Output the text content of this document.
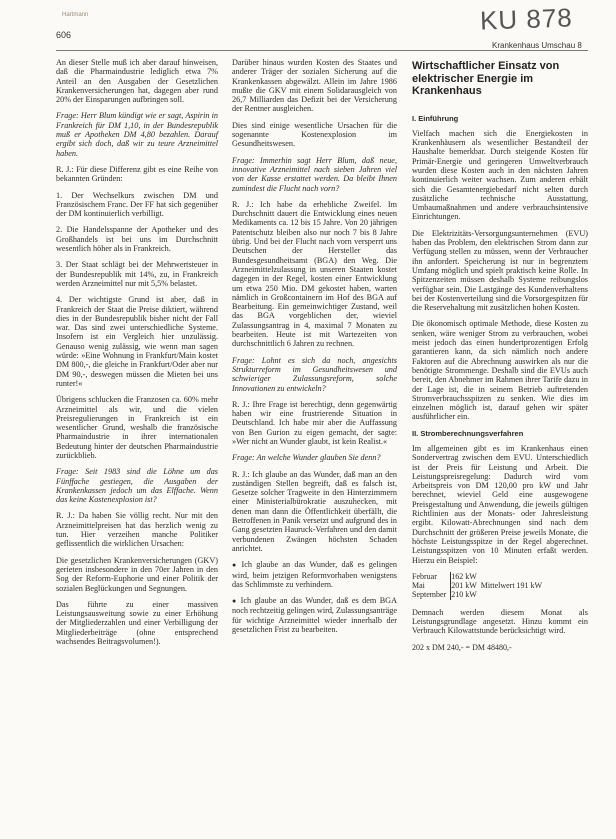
Hartmann
606	KU 878
Krankenhaus Umschau 8

An dieser Stelle muß ich aber darauf hinweisen, daß die Pharmaindustrie lediglich etwa 7% Anteil an den Ausgaben der Gesetzlichen Krankenversicherungen hat, dagegen aber rund 20% der Einsparungen aufbringen soll.

Frage: Herr Blum kündigt wie er sagt, Aspirin in Frankreich für DM 1,10, in der Bundesrepublik muß er Apotheken DM 4,80 bezahlen. Darauf ergibt sich doch, daß wir zu teure Arzneimittel haben.

R. J.: Für diese Differenz gibt es eine Reihe von bekannten Gründen:

1. Der Wechselkurs zwischen DM und Französischem Franc. Der FF hat sich gegenüber der DM kontinuierlich verbilligt.

2. Die Handelsspanne der Apotheker und des Großhandels ist bei uns im Durchschnitt wesentlich höher als in Frankreich.

3. Der Staat schlägt bei der Mehrwertsteuer in der Bundesrepublik mit 14%, zu, in Frankreich werden Arzneimittel nur mit 5,5% belastet.

4. Der wichtigste Grund ist aber, daß in Frankreich der Staat die Preise diktiert, während dies in der Bundesrepublik bisher nicht der Fall war. Das sind zwei unterschiedliche Systeme. Insofern ist ein Vergleich hier unzulässig. Genauso wenig zulässig, wie wenn man sagen würde: »Eine Wohnung in Frankfurt/Main kostet DM 800,-, die gleiche in Frankfurt/Oder aber nur DM 90,-, deswegen müssen die Mieten bei uns runter!«

Übrigens schlucken die Franzosen ca. 60% mehr Arzneimittel als wir, und die vielen Preisregulierungen in Frankreich ist ein wesentlicher Grund, weshalb die französische Pharmaindustrie in ihrer internationalen Bedeutung hinter der deutschen Pharmaindustrie zurückblieb.

Frage: Seit 1983 sind die Löhne um das Fünffache gestiegen, die Ausgaben der Krankenkassen jedoch um das Elffache. Wenn das keine Kostenexplosion ist?

R. J.: Da haben Sie völlig recht. Nur mit den Arzneimittelpreisen hat das herzlich wenig zu tun. Hier verzeihen manche Politiker geflissentlich die wirklichen Ursachen:

Die gesetzlichen Krankenversicherungen (GKV) gerieten insbesondere in den 70er Jahren in den Sog der Reform-Euphorie und einer Politik der sozialen Beglückungen und Segnungen.

Das führte zu einer massiven Leistungsausweitung sowie zu einer Erhöhung der Mitgliederzahlen und einer Verbilligung der Mitgliederbeiträge (ohne entsprechend wachsendes Beitragsvolumen!).

Darüber hinaus wurden Kosten des Staates und anderer Träger der sozialen Sicherung auf die Krankenkassen abgewälzt. Allein im Jahre 1986 mußte die GKV mit einem Solidarausgleich von 26,7 Milliarden das Defizit bei der Versicherung der Rentner ausgleichen.

Dies sind einige wesentliche Ursachen für die sogenannte Kostenexplosion im Gesundheitswesen.

Frage: Immerhin sagt Herr Blum, daß neue, innovative Arzneimittel nach sieben Jahren viel von der Kasse erstattet werden. Da bleibt Ihnen zumindest die Flucht nach vorn?

R. J.: Ich habe da erhebliche Zweifel. Im Durchschnitt dauert die Entwicklung eines neuen Medikaments ca. 12 bis 15 Jahre. Von 20 jährigen Patentschutz bleiben also nur noch 7 bis 8 Jahre übrig. Und bei der Flucht nach vorn versperrt uns Deutschen der Hersteller das Bundesgesundheitsamt (BGA) den Weg. Die Arzneimittelzulassung in unseren Staaten kostet dagegen in der Regel, kosten einer Entwicklung um etwa 250 Mio. DM gekostet haben, warten nämlich in Großcontainern im Hof des BGA auf Bearbeitung. Ein gemeinwichtiger Zustand, weil das BGA vorgeblichen der, wieviel Zulassungsantrag in 4, maximal 7 Monaten zu bearbeiten. Heute ist mit Wartezeiten von durchschnittlich 6 Jahren zu rechnen.

Frage: Lohnt es sich da noch, angesichts Strukturreform im Gesundheitswesen und schwieriger Zulassungsreform, solche Innovationen zu entwickeln?

R. J.: Ihre Frage ist berechtigt, denn gegenwärtig haben wir eine frustrierende Situation in Deutschland. Ich habe mir aber die Auffassung von Ben Gurion zu eigen gemacht, der sagte: »Wer nicht an Wunder glaubt, ist kein Realist.«

Frage: An welche Wunder glauben Sie denn?

R. J.: Ich glaube an das Wunder, daß man an den zuständigen Stellen begreift, daß es falsch ist, Gesetze solcher Tragweite in den Hinterzimmern einer Ministerialbürokratie auszuhecken, mit denen man dann die Öffentlichkeit überfällt, die Betroffenen in Panik versetzt und aufgrund des in Gang gesetzten Hauruck-Verfahren und den damit verbundenen Zwängen höchsten Schaden anrichtet.

● Ich glaube an das Wunder, daß es gelingen wird, beim jetzigen Reformvorhaben wenigstens das Schlimmste zu verhindern.

● Ich glaube an das Wunder, daß es dem BGA noch rechtzeitig gelingen wird, Zulassungsanträge für wichtige Arzneimittel wieder innerhalb der gesetzlichen Frist zu bearbeiten.

Wirtschaftlicher Einsatz von elektrischer Energie im Krankenhaus
I. Einführung

Vielfach machen sich die Energiekosten in Krankenhäusern als wesentlicher Bestandteil der Haushalte bemerkbar. Durch steigende Kosten für Primär-Energie und geringeren Umweltverbrauch wurden diese Kosten auch in den nächsten Jahren kontinuierlich weiter wachsen. Zum anderen erhält sich die Gesamtenergiebedarf nicht selten durch zusätzliche technische Ausstattung, Umbaumaßnahmen und andere verbrauchsintensive Einrichtungen.

Die Elektrizitäts-Versorgungsunternehmen (EVU) haben das Problem, den elektrischen Strom dann zur Verfügung stellen zu müssen, wenn der Verbraucher ihn anfordert. Speicherung ist nur in begrenztem Umfang möglich und spielt praktisch keine Rolle. In Spitzenzeiten müssen deshalb Systeme reibungslos verfügbar sein. Die Lastgänge des Kundenverhaltens bei der Kostenverteilung sind die Vorsorgespitzen für die Reservehaltung mit zusätzlichen hohen Kosten.

Die ökonomisch optimale Methode, diese Kosten zu senken, wäre weniger Strom zu verbrauchen, wobei meist jedoch das einen hundertprozentigen Erfolg garantieren kann, da sich nämlich noch andere Faktoren auf die Abrechnung auswirken als nur die benötigte Strommenge. Deshalb sind die EVUs auch bereit, den Abnehmer im Rahmen ihrer Tarife dazu in der Lage ist, die in seinem Betrieb auftretenden Stromverbrauchsspitzen zu senken. Wie dies im einzelnen möglich ist, darauf gehen wir später ausführlicher ein.

II. Stromberechnungsverfahren

Im allgemeinen gibt es im Krankenhaus einen Sondervertrag zwischen dem EVU. Unterschiedlich ist der Preis für Leistung und Arbeit. Die Leistungspreisregelung: Dadurch wird vom Arbeitspreis von DM 120,00 pro kW und Jahr berechnet, wieviel Geld eine ausgewogene Preisgestaltung und Anwendung, die jeweils gültigen Richtlinien aus der Monats- oder Jahresleistung ergibt. Kilowatt-Abrechnungen sind nach dem Durchschnitt der größeren Preise jeweils Monate, die höchste Leistungsspitze in der Regel abgerechnet. Leistungsspitzen von 10 Minuten erfaßt werden. Hierzu ein Beispiel:

Februar	162 kW	Mittelwert 191 kW
Mai	201 kW	
September	210 kW	

Demnach werden diesem Monat als Leistungsgrundlage angesetzt. Hinzu kommt ein Verbrauch Kilowattstunde berücksichtigt wird.

202 x DM 240,- = DM 48480,-
